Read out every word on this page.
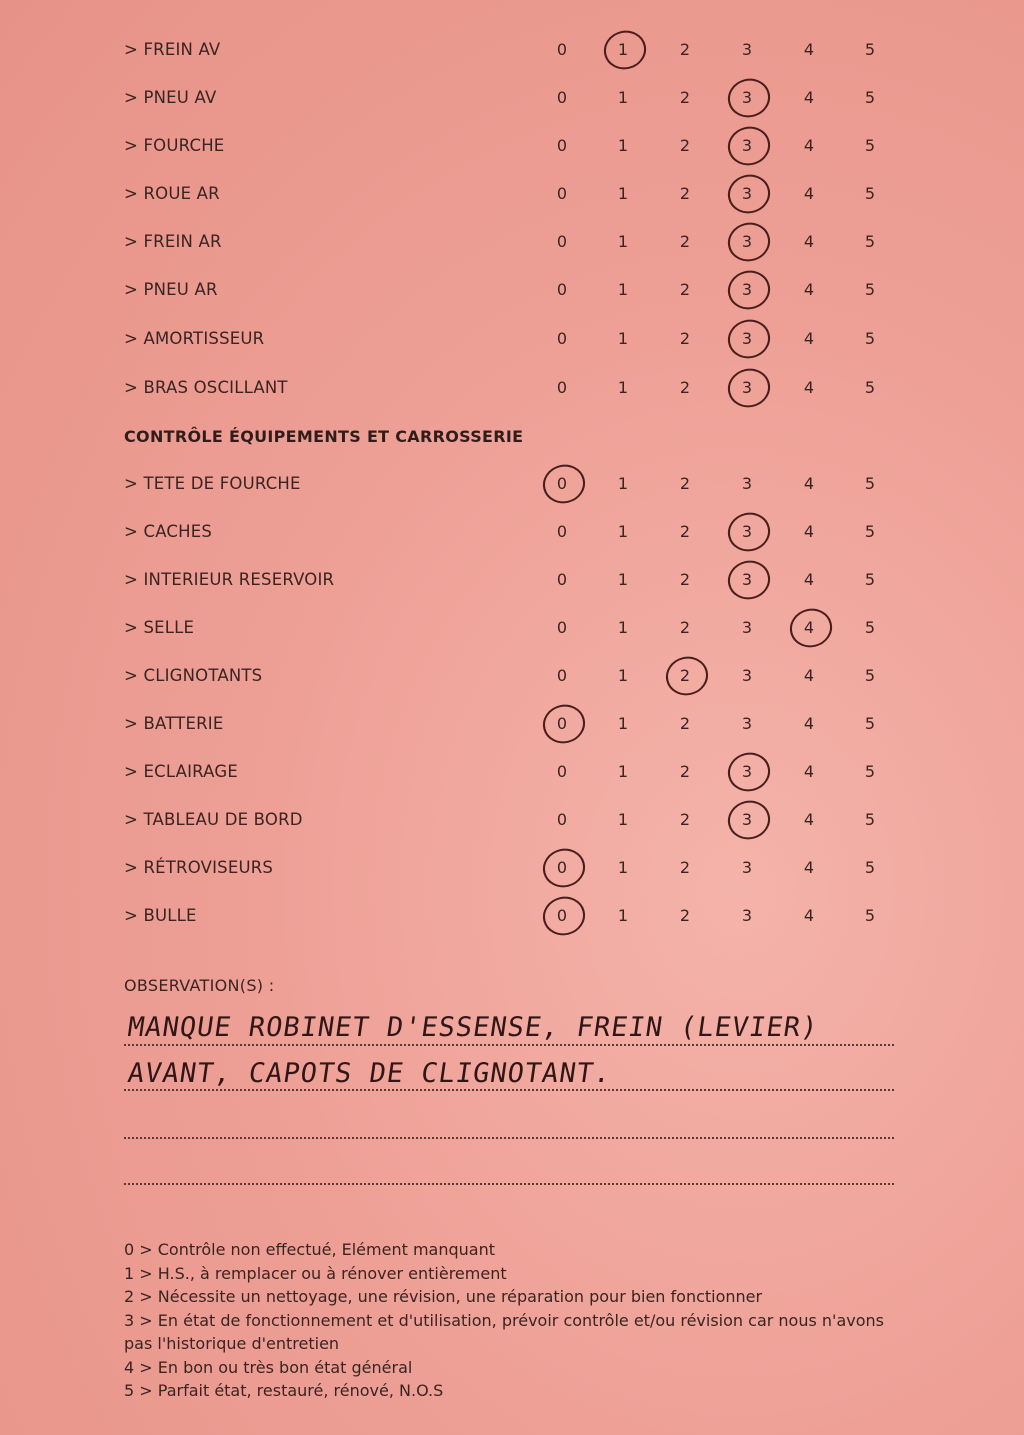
> FREIN AV	0	1	2	3	4	5
> PNEU AV	0	1	2	3	4	5
> FOURCHE	0	1	2	3	4	5
> ROUE AR	0	1	2	3	4	5
> FREIN AR	0	1	2	3	4	5
> PNEU AR	0	1	2	3	4	5
> AMORTISSEUR	0	1	2	3	4	5
> BRAS OSCILLANT	0	1	2	3	4	5
CONTRÔLE ÉQUIPEMENTS ET CARROSSERIE
> TETE DE FOURCHE	0	1	2	3	4	5
> CACHES	0	1	2	3	4	5
> INTERIEUR RESERVOIR	0	1	2	3	4	5
> SELLE	0	1	2	3	4	5
> CLIGNOTANTS	0	1	2	3	4	5
> BATTERIE	0	1	2	3	4	5
> ECLAIRAGE	0	1	2	3	4	5
> TABLEAU DE BORD	0	1	2	3	4	5
> RÉTROVISEURS	0	1	2	3	4	5
> BULLE	0	1	2	3	4	5
OBSERVATION(S) :
MANQUE ROBINET D'ESSENSE, FREIN (LEVIER)
AVANT, CAPOTS DE CLIGNOTANT.
0 > Contrôle non effectué, Elément manquant
1 > H.S., à remplacer ou à rénover entièrement
2 > Nécessite un nettoyage, une révision, une réparation pour bien fonctionner
3 > En état de fonctionnement et d'utilisation, prévoir contrôle et/ou révision car nous n'avons pas l'historique d'entretien
4 > En bon ou très bon état général
5 > Parfait état, restauré, rénové, N.O.S
